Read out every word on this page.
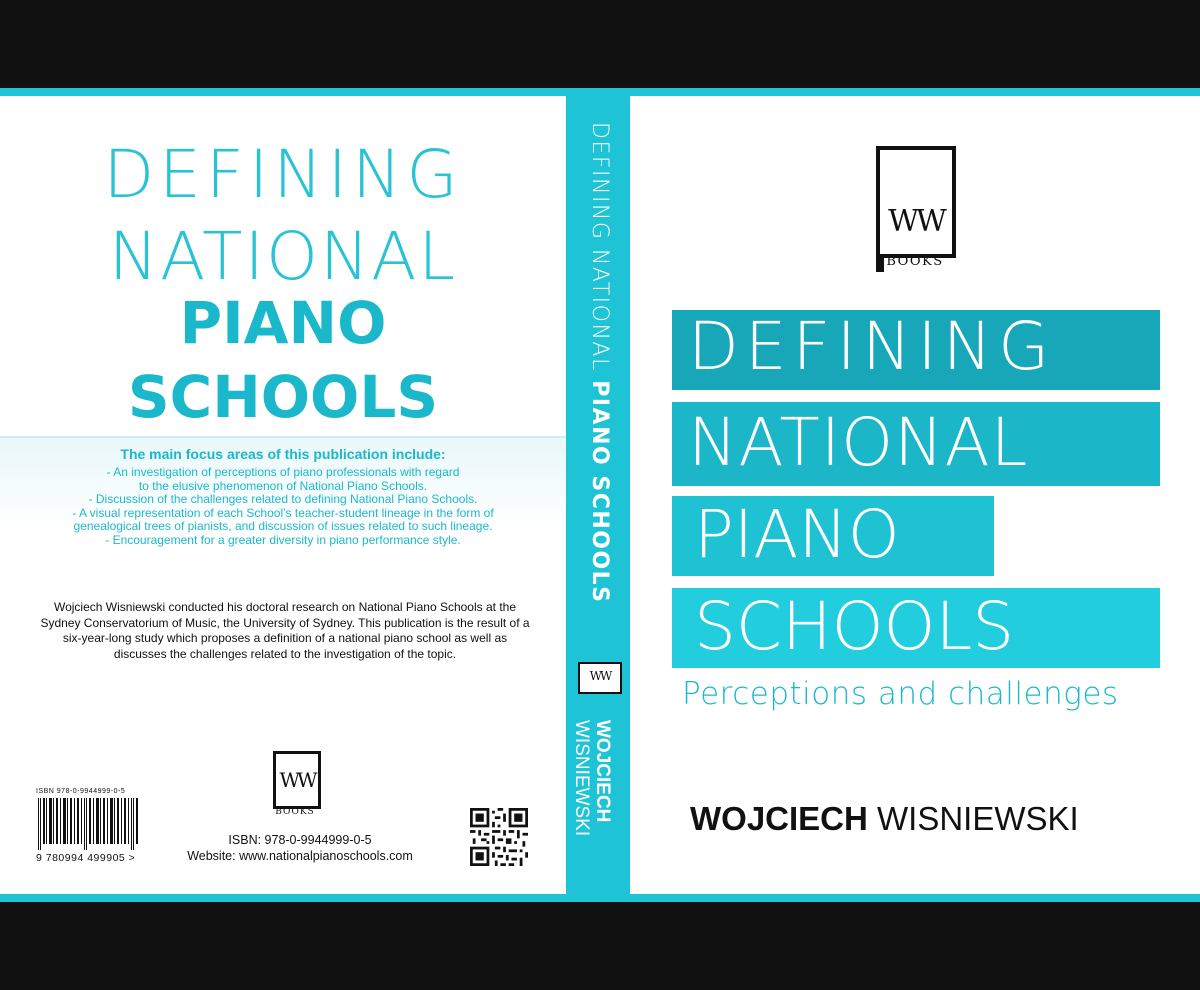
DEFINING
NATIONAL
PIANO
SCHOOLS
The main focus areas of this publication include:
- An investigation of perceptions of piano professionals with regard
to the elusive phenomenon of National Piano Schools.
- Discussion of the challenges related to defining National Piano Schools.
- A visual representation of each School’s teacher-student lineage in the form of
genealogical trees of pianists, and discussion of issues related to such lineage.
- Encouragement for a greater diversity in piano performance style.
Wojciech Wisniewski conducted his doctoral research on National Piano Schools at the Sydney Conservatorium of Music, the University of Sydney. This publication is the result of a six-year-long study which proposes a definition of a national piano school as well as discusses the challenges related to the investigation of the topic.
WW
BOOKS
ISBN: 978-0-9944999-0-5
Website: www.nationalpianoschools.com
ISBN 978-0-9944999-0-5
9 780994 499905 >
DEFINING NATIONAL PIANO SCHOOLS
WW
WOJCIECH
WISNIEWSKI
WW
BOOKS
DEFINING
NATIONAL
PIANO
SCHOOLS
Perceptions and challenges
WOJCIECH WISNIEWSKI
